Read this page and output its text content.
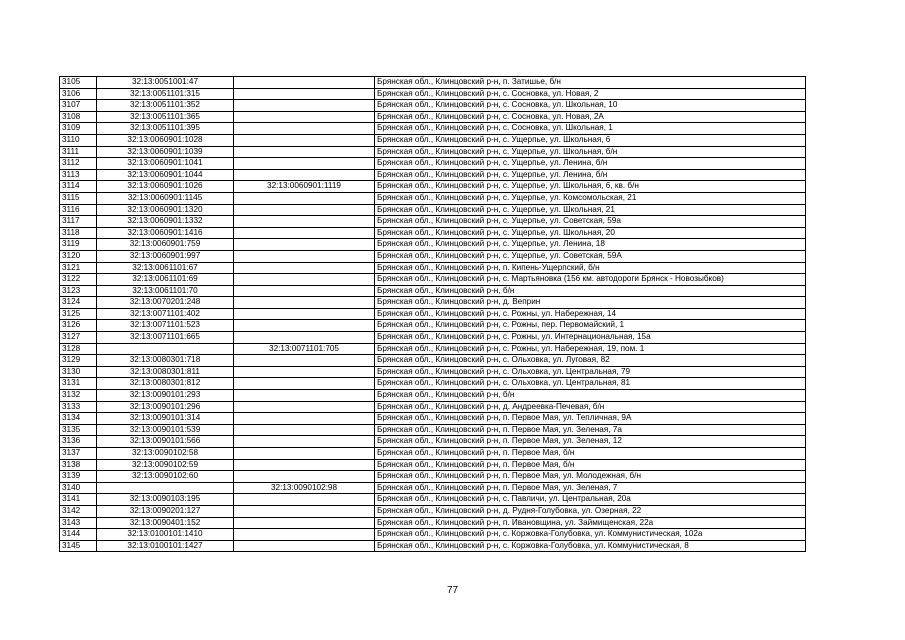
3105	32:13:0051001:47		Брянская обл., Клинцовский р-н, п. Затишье, б/н
3106	32:13:0051101:315		Брянская обл., Клинцовский р-н, с. Сосновка, ул. Новая, 2
3107	32:13:0051101:352		Брянская обл., Клинцовский р-н, с. Сосновка, ул. Школьная, 10
3108	32:13:0051101:365		Брянская обл., Клинцовский р-н, с. Сосновка, ул. Новая, 2А
3109	32:13:0051101:395		Брянская обл., Клинцовский р-н, с. Сосновка, ул. Школьная, 1
3110	32:13:0060901:1028		Брянская обл., Клинцовский р-н, с. Ущерпье, ул. Школьная, 6
3111	32:13:0060901:1039		Брянская обл., Клинцовский р-н, с. Ущерпье, ул. Школьная, б/н
3112	32:13:0060901:1041		Брянская обл., Клинцовский р-н, с. Ущерпье, ул. Ленина, б/н
3113	32:13:0060901:1044		Брянская обл., Клинцовский р-н, с. Ущерпье, ул. Ленина, б/н
3114	32:13:0060901:1026	32:13:0060901:1119	Брянская обл., Клинцовский р-н, с. Ущерпье, ул. Школьная, 6, кв. б/н
3115	32:13:0060901:1145		Брянская обл., Клинцовский р-н, с. Ущерпье, ул. Комсомольская, 21
3116	32:13:0060901:1320		Брянская обл., Клинцовский р-н, с. Ущерпье, ул. Школьная, 21
3117	32:13:0060901:1332		Брянская обл., Клинцовский р-н, с. Ущерпье, ул. Советская, 59а
3118	32:13:0060901:1416		Брянская обл., Клинцовский р-н, с. Ущерпье, ул. Школьная, 20
3119	32:13:0060901:759		Брянская обл., Клинцовский р-н, с. Ущерпье, ул. Ленина, 18
3120	32:13:0060901:997		Брянская обл., Клинцовский р-н, с. Ущерпье, ул. Советская, 59А
3121	32:13:0061101:67		Брянская обл., Клинцовский р-н, п. Кипень-Ущерпский, б/н
3122	32:13:0061101:69		Брянская обл., Клинцовский р-н, с. Мартьяновка (156 км. автодороги Брянск - Новозыбков)
3123	32:13:0061101:70		Брянская обл., Клинцовский р-н, б/н
3124	32:13:0070201:248		Брянская обл., Клинцовский р-н, д. Веприн
3125	32:13:0071101:402		Брянская обл., Клинцовский р-н, с. Рожны, ул. Набережная, 14
3126	32:13:0071101:523		Брянская обл., Клинцовский р-н, с. Рожны, пер. Первомайский, 1
3127	32:13:0071101:665		Брянская обл., Клинцовский р-н, с. Рожны, ул. Интернациональная, 15а
3128		32:13:0071101:705	Брянская обл., Клинцовский р-н, с. Рожны, ул. Набережная, 19, пом. 1
3129	32:13:0080301:718		Брянская обл., Клинцовский р-н, с. Ольховка, ул. Луговая, 82
3130	32:13:0080301:811		Брянская обл., Клинцовский р-н, с. Ольховка, ул. Центральная, 79
3131	32:13:0080301:812		Брянская обл., Клинцовский р-н, с. Ольховка, ул. Центральная, 81
3132	32:13:0090101:293		Брянская обл., Клинцовский р-н, б/н
3133	32:13:0090101:296		Брянская обл., Клинцовский р-н, д. Андреевка-Печевая, б/н
3134	32:13:0090101:314		Брянская обл., Клинцовский р-н, п. Первое Мая, ул. Тепличная, 9А
3135	32:13:0090101:539		Брянская обл., Клинцовский р-н, п. Первое Мая, ул. Зеленая, 7а
3136	32:13:0090101:566		Брянская обл., Клинцовский р-н, п. Первое Мая, ул. Зеленая, 12
3137	32:13:0090102:58		Брянская обл., Клинцовский р-н, п. Первое Мая, б/н
3138	32:13:0090102:59		Брянская обл., Клинцовский р-н, п. Первое Мая, б/н
3139	32:13:0090102:60		Брянская обл., Клинцовский р-н, п. Первое Мая, ул. Молодежная, б/н
3140		32:13:0090102:98	Брянская обл., Клинцовский р-н, п. Первое Мая, ул. Зеленая, 7
3141	32:13:0090103:195		Брянская обл., Клинцовский р-н, с. Павличи, ул. Центральная, 20а
3142	32:13:0090201:127		Брянская обл., Клинцовский р-н, д. Рудня-Голубовка, ул. Озерная, 22
3143	32:13:0090401:152		Брянская обл., Клинцовский р-н, п. Ивановщина, ул. Займищенская, 22а
3144	32:13:0100101:1410		Брянская обл., Клинцовский р-н, с. Коржовка-Голубовка, ул. Коммунистическая, 102а
3145	32:13:0100101:1427		Брянская обл., Клинцовский р-н, с. Коржовка-Голубовка, ул. Коммунистическая, 8
77
